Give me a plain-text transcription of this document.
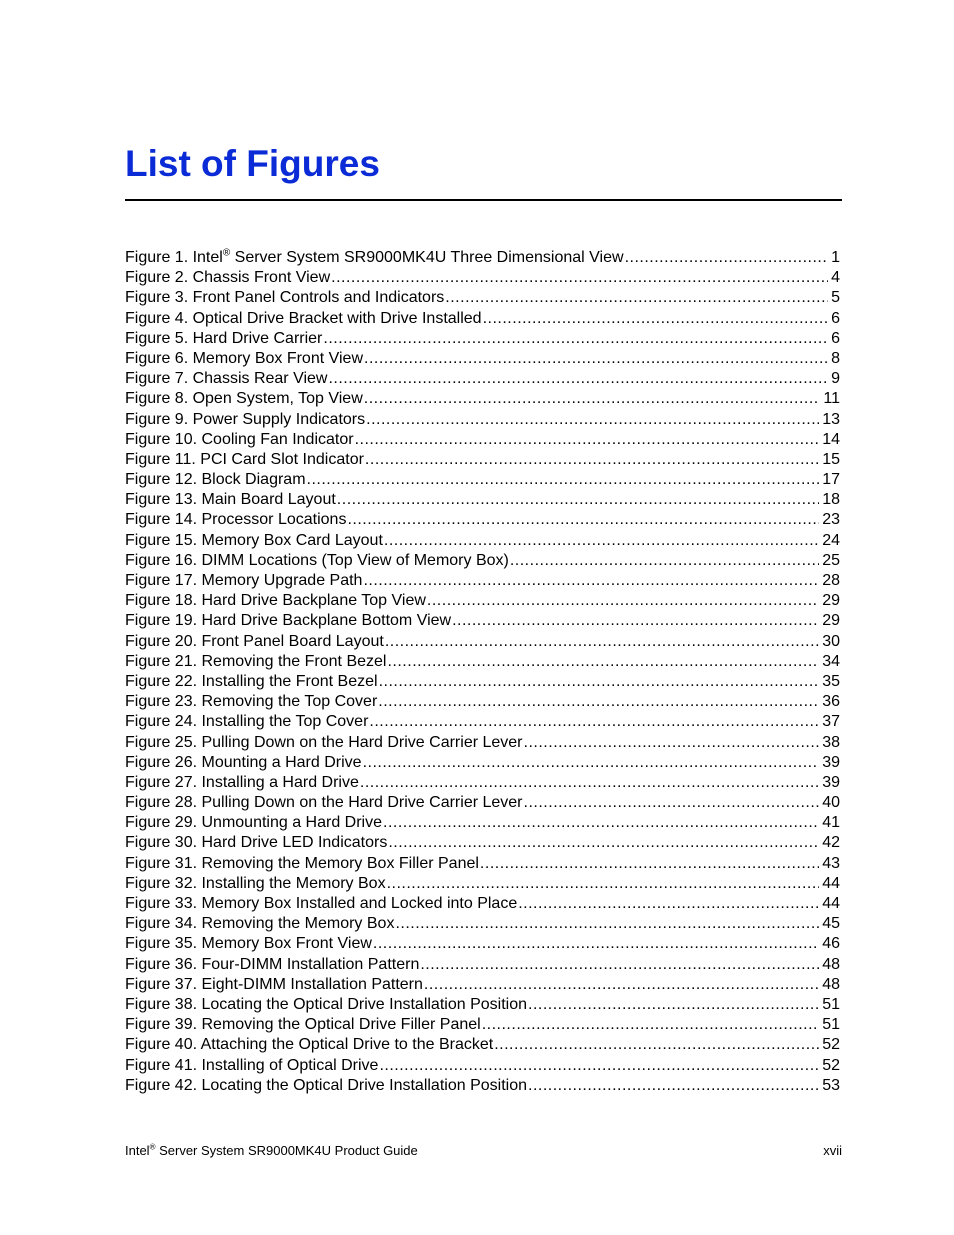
List of Figures
Figure 1. Intel® Server System SR9000MK4U Three Dimensional View .....	1
Figure 2. Chassis Front View .....	4
Figure 3. Front Panel Controls and Indicators .....	5
Figure 4. Optical Drive Bracket with Drive Installed .....	6
Figure 5. Hard Drive Carrier .....	6
Figure 6. Memory Box Front View .....	8
Figure 7. Chassis Rear View .....	9
Figure 8. Open System, Top View .....	11
Figure 9. Power Supply Indicators .....	13
Figure 10. Cooling Fan Indicator .....	14
Figure 11. PCI Card Slot Indicator .....	15
Figure 12. Block Diagram .....	17
Figure 13. Main Board Layout .....	18
Figure 14. Processor Locations .....	23
Figure 15. Memory Box Card Layout .....	24
Figure 16. DIMM Locations (Top View of Memory Box) .....	25
Figure 17. Memory Upgrade Path .....	28
Figure 18. Hard Drive Backplane Top View .....	29
Figure 19. Hard Drive Backplane Bottom View .....	29
Figure 20. Front Panel Board Layout .....	30
Figure 21. Removing the Front Bezel .....	34
Figure 22. Installing the Front Bezel .....	35
Figure 23. Removing the Top Cover .....	36
Figure 24. Installing the Top Cover .....	37
Figure 25. Pulling Down on the Hard Drive Carrier Lever .....	38
Figure 26. Mounting a Hard Drive .....	39
Figure 27. Installing a Hard Drive .....	39
Figure 28. Pulling Down on the Hard Drive Carrier Lever .....	40
Figure 29. Unmounting a Hard Drive .....	41
Figure 30. Hard Drive LED Indicators .....	42
Figure 31. Removing the Memory Box Filler Panel .....	43
Figure 32. Installing the Memory Box .....	44
Figure 33. Memory Box Installed and Locked into Place .....	44
Figure 34. Removing the Memory Box .....	45
Figure 35. Memory Box Front View .....	46
Figure 36. Four-DIMM Installation Pattern .....	48
Figure 37. Eight-DIMM Installation Pattern .....	48
Figure 38. Locating the Optical Drive Installation Position .....	51
Figure 39. Removing the Optical Drive Filler Panel .....	51
Figure 40. Attaching the Optical Drive to the Bracket .....	52
Figure 41. Installing of Optical Drive .....	52
Figure 42. Locating the Optical Drive Installation Position .....	53
Intel® Server System SR9000MK4U Product Guide	xvii
